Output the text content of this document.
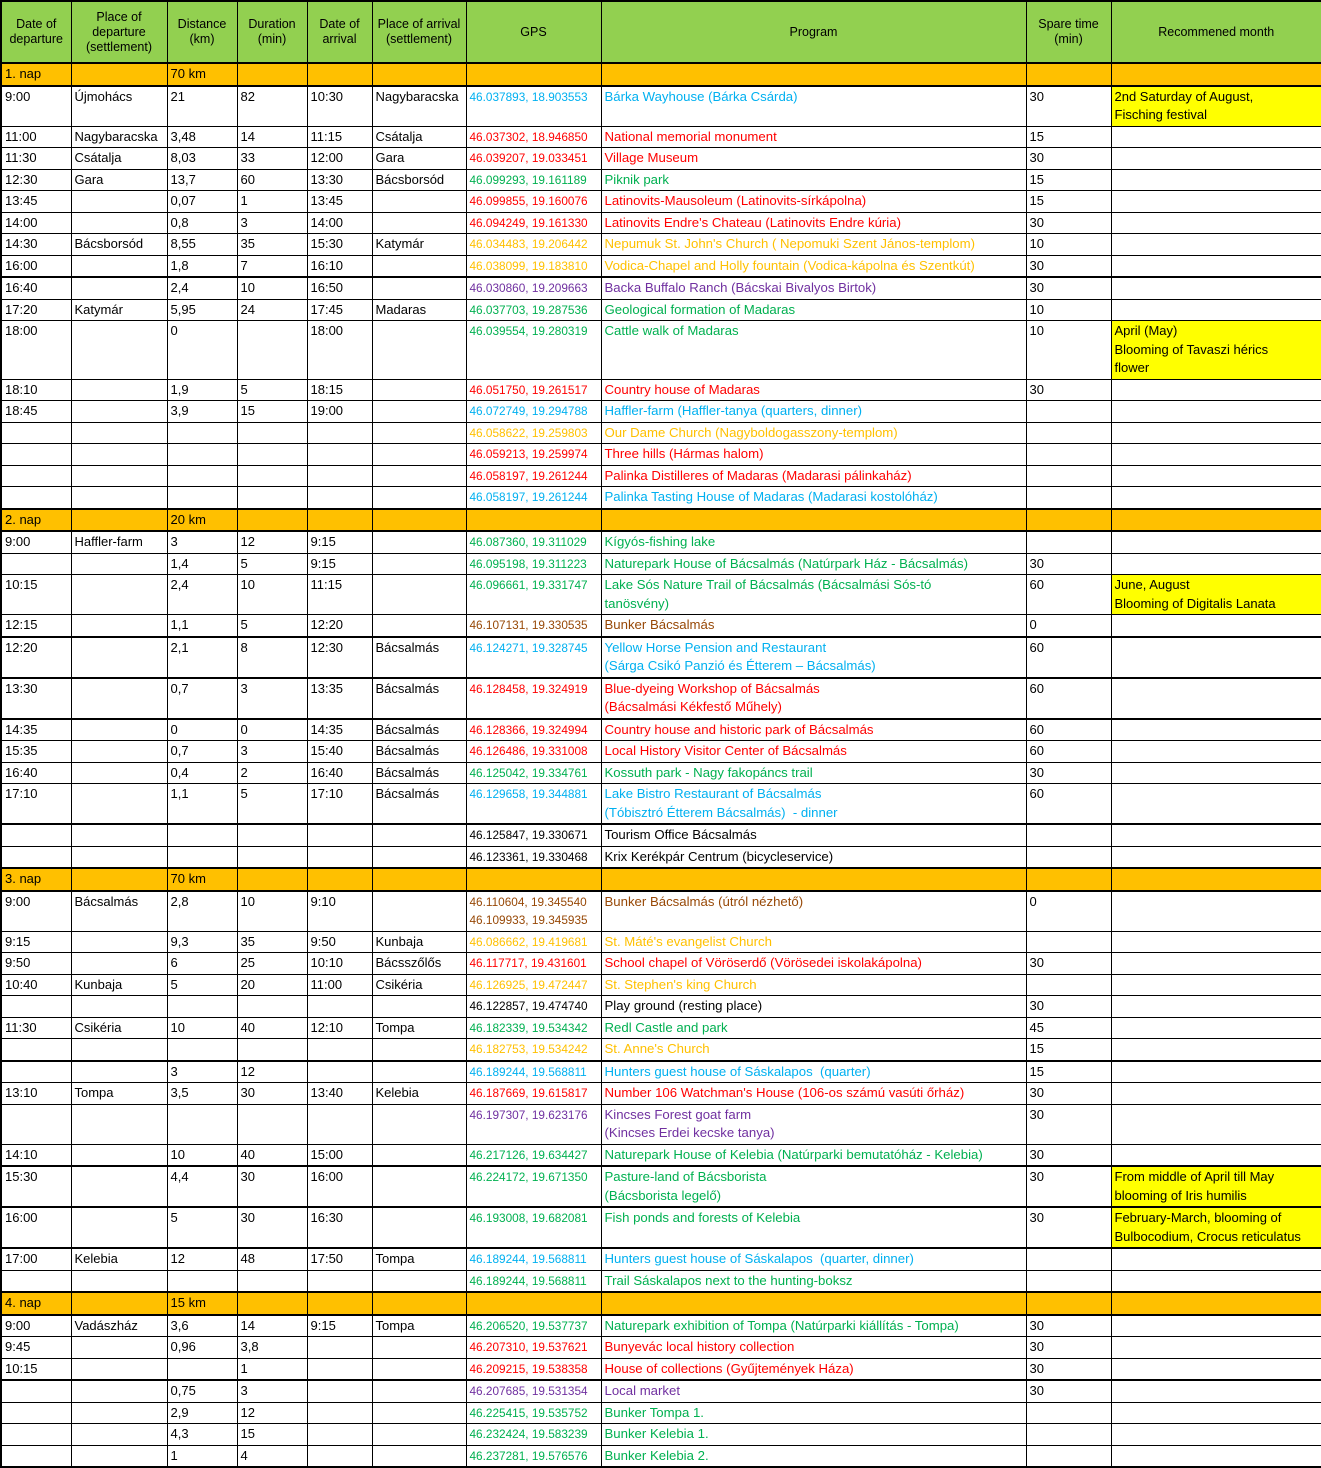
Date of departure	Place of departure (settlement)	Distance (km)	Duration (min)	Date of arrival	Place of arrival (settlement)	GPS	Program	Spare time (min)	Recommened month
1. nap		70 km							
9:00	Újmohács	21	82	10:30	Nagybaracska	46.037893, 18.903553	Bárka Wayhouse (Bárka Csárda)	30	2nd Saturday of August,
Fisching festival
11:00	Nagybaracska	3,48	14	11:15	Csátalja	46.037302, 18.946850	National memorial monument	15	
11:30	Csátalja	8,03	33	12:00	Gara	46.039207, 19.033451	Village Museum	30	
12:30	Gara	13,7	60	13:30	Bácsborsód	46.099293, 19.161189	Piknik park	15	
13:45		0,07	1	13:45		46.099855, 19.160076	Latinovits-Mausoleum (Latinovits-sírkápolna)	15	
14:00		0,8	3	14:00		46.094249, 19.161330	Latinovits Endre's Chateau (Latinovits Endre kúria)	30	
14:30	Bácsborsód	8,55	35	15:30	Katymár	46.034483, 19.206442	Nepumuk St. John's Church ( Nepomuki Szent János-templom)	10	
16:00		1,8	7	16:10		46.038099, 19.183810	Vodica-Chapel and Holly fountain (Vodica-kápolna és Szentkút)	30	
16:40		2,4	10	16:50		46.030860, 19.209663	Backa Buffalo Ranch (Bácskai Bivalyos Birtok)	30	
17:20	Katymár	5,95	24	17:45	Madaras	46.037703, 19.287536	Geological formation of Madaras	10	
18:00		0		18:00		46.039554, 19.280319	Cattle walk of Madaras	10	April (May)
Blooming of Tavaszi hérics
flower
18:10		1,9	5	18:15		46.051750, 19.261517	Country house of Madaras	30	
18:45		3,9	15	19:00		46.072749, 19.294788	Haffler-farm (Haffler-tanya (quarters, dinner)		
						46.058622, 19.259803	Our Dame Church (Nagyboldogasszony-templom)		
						46.059213, 19.259974	Three hills (Hármas halom)		
						46.058197, 19.261244	Palinka Distilleres of Madaras (Madarasi pálinkaház)		
						46.058197, 19.261244	Palinka Tasting House of Madaras (Madarasi kostolóház)		
2. nap		20 km							
9:00	Haffler-farm	3	12	9:15		46.087360, 19.311029	Kígyós-fishing lake		
		1,4	5	9:15		46.095198, 19.311223	Naturepark House of Bácsalmás (Natúrpark Ház - Bácsalmás)	30	
10:15		2,4	10	11:15		46.096661, 19.331747	Lake Sós Nature Trail of Bácsalmás (Bácsalmási Sós-tó
tanösvény)	60	June, August
Blooming of Digitalis Lanata
12:15		1,1	5	12:20		46.107131, 19.330535	Bunker Bácsalmás	0	
12:20		2,1	8	12:30	Bácsalmás	46.124271, 19.328745	Yellow Horse Pension and Restaurant
(Sárga Csikó Panzió és Étterem – Bácsalmás)	60	
13:30		0,7	3	13:35	Bácsalmás	46.128458, 19.324919	Blue-dyeing Workshop of Bácsalmás
(Bácsalmási Kékfestő Műhely)	60	
14:35		0	0	14:35	Bácsalmás	46.128366, 19.324994	Country house and historic park of Bácsalmás	60	
15:35		0,7	3	15:40	Bácsalmás	46.126486, 19.331008	Local History Visitor Center of Bácsalmás	60	
16:40		0,4	2	16:40	Bácsalmás	46.125042, 19.334761	Kossuth park - Nagy fakopáncs trail	30	
17:10		1,1	5	17:10	Bácsalmás	46.129658, 19.344881	Lake Bistro Restaurant of Bácsalmás
(Tóbisztró Étterem Bácsalmás)  - dinner	60	
						46.125847, 19.330671	Tourism Office Bácsalmás		
						46.123361, 19.330468	Krix Kerékpár Centrum (bicycleservice)		
3. nap		70 km							
9:00	Bácsalmás	2,8	10	9:10		46.110604, 19.345540
46.109933, 19.345935	Bunker Bácsalmás (útról nézhető)	0	
9:15		9,3	35	9:50	Kunbaja	46.086662, 19.419681	St. Máté's evangelist Church		
9:50		6	25	10:10	Bácsszőlős	46.117717, 19.431601	School chapel of Vöröserdő (Vörösedei iskolakápolna)	30	
10:40	Kunbaja	5	20	11:00	Csikéria	46.126925, 19.472447	St. Stephen's king Church		
						46.122857, 19.474740	Play ground (resting place)	30	
11:30	Csikéria	10	40	12:10	Tompa	46.182339, 19.534342	Redl Castle and park	45	
						46.182753, 19.534242	St. Anne's Church	15	
		3	12			46.189244, 19.568811	Hunters guest house of Sáskalapos  (quarter)	15	
13:10	Tompa	3,5	30	13:40	Kelebia	46.187669, 19.615817	Number 106 Watchman's House (106-os számú vasúti őrház)	30	
						46.197307, 19.623176	Kincses Forest goat farm
(Kincses Erdei kecske tanya)	30	
14:10		10	40	15:00		46.217126, 19.634427	Naturepark House of Kelebia (Natúrparki bemutatóház - Kelebia)	30	
15:30		4,4	30	16:00		46.224172, 19.671350	Pasture-land of Bácsborista
(Bácsborista legelő)	30	From middle of April till May
blooming of Iris humilis
16:00		5	30	16:30		46.193008, 19.682081	Fish ponds and forests of Kelebia	30	February-March, blooming of
Bulbocodium, Crocus reticulatus
17:00	Kelebia	12	48	17:50	Tompa	46.189244, 19.568811	Hunters guest house of Sáskalapos  (quarter, dinner)		
						46.189244, 19.568811	Trail Sáskalapos next to the hunting-boksz		
4. nap		15 km							
9:00	Vadászház	3,6	14	9:15	Tompa	46.206520, 19.537737	Naturepark exhibition of Tompa (Natúrparki kiállítás - Tompa)	30	
9:45		0,96	3,8			46.207310, 19.537621	Bunyevác local history collection	30	
10:15			1			46.209215, 19.538358	House of collections (Gyűjtemények Háza)	30	
		0,75	3			46.207685, 19.531354	Local market	30	
		2,9	12			46.225415, 19.535752	Bunker Tompa 1.		
		4,3	15			46.232424, 19.583239	Bunker Kelebia 1.		
		1	4			46.237281, 19.576576	Bunker Kelebia 2.		
